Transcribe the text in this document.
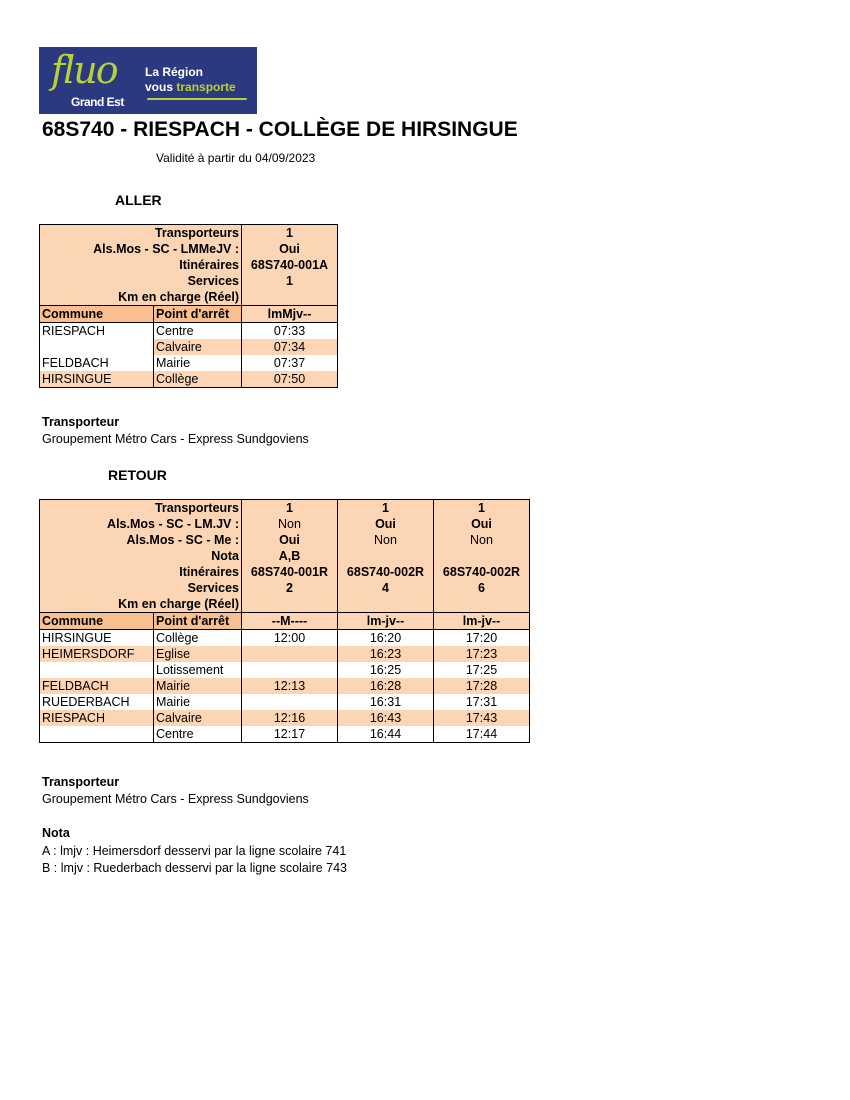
fluo
Grand Est
La Région
vous transporte
68S740 - RIESPACH - COLLÈGE DE HIRSINGUE
Validité à partir du 04/09/2023
ALLER
Transporteurs		1
Als.Mos - SC - LMMeJV :		Oui
Itinéraires		68S740-001A
Services		1
Km en charge (Réel)		
Commune	Point d'arrêt	lmMjv--
RIESPACH	Centre	07:33
	Calvaire	07:34
FELDBACH	Mairie	07:37
HIRSINGUE	Collège	07:50
Transporteur
Groupement Métro Cars - Express Sundgoviens
RETOUR
Transporteurs		1	1	1
Als.Mos - SC - LM.JV :		Non	Oui	Oui
Als.Mos - SC - Me :		Oui	Non	Non
Nota		A,B		
Itinéraires		68S740-001R	68S740-002R	68S740-002R
Services		2	4	6
Km en charge (Réel)				
Commune	Point d'arrêt	--M----	lm-jv--	lm-jv--
HIRSINGUE	Collège	12:00	16:20	17:20
HEIMERSDORF	Eglise		16:23	17:23
	Lotissement		16:25	17:25
FELDBACH	Mairie	12:13	16:28	17:28
RUEDERBACH	Mairie		16:31	17:31
RIESPACH	Calvaire	12:16	16:43	17:43
	Centre	12:17	16:44	17:44
Transporteur
Groupement Métro Cars - Express Sundgoviens
Nota
A : lmjv : Heimersdorf desservi par la ligne scolaire 741
B : lmjv : Ruederbach desservi par la ligne scolaire 743
